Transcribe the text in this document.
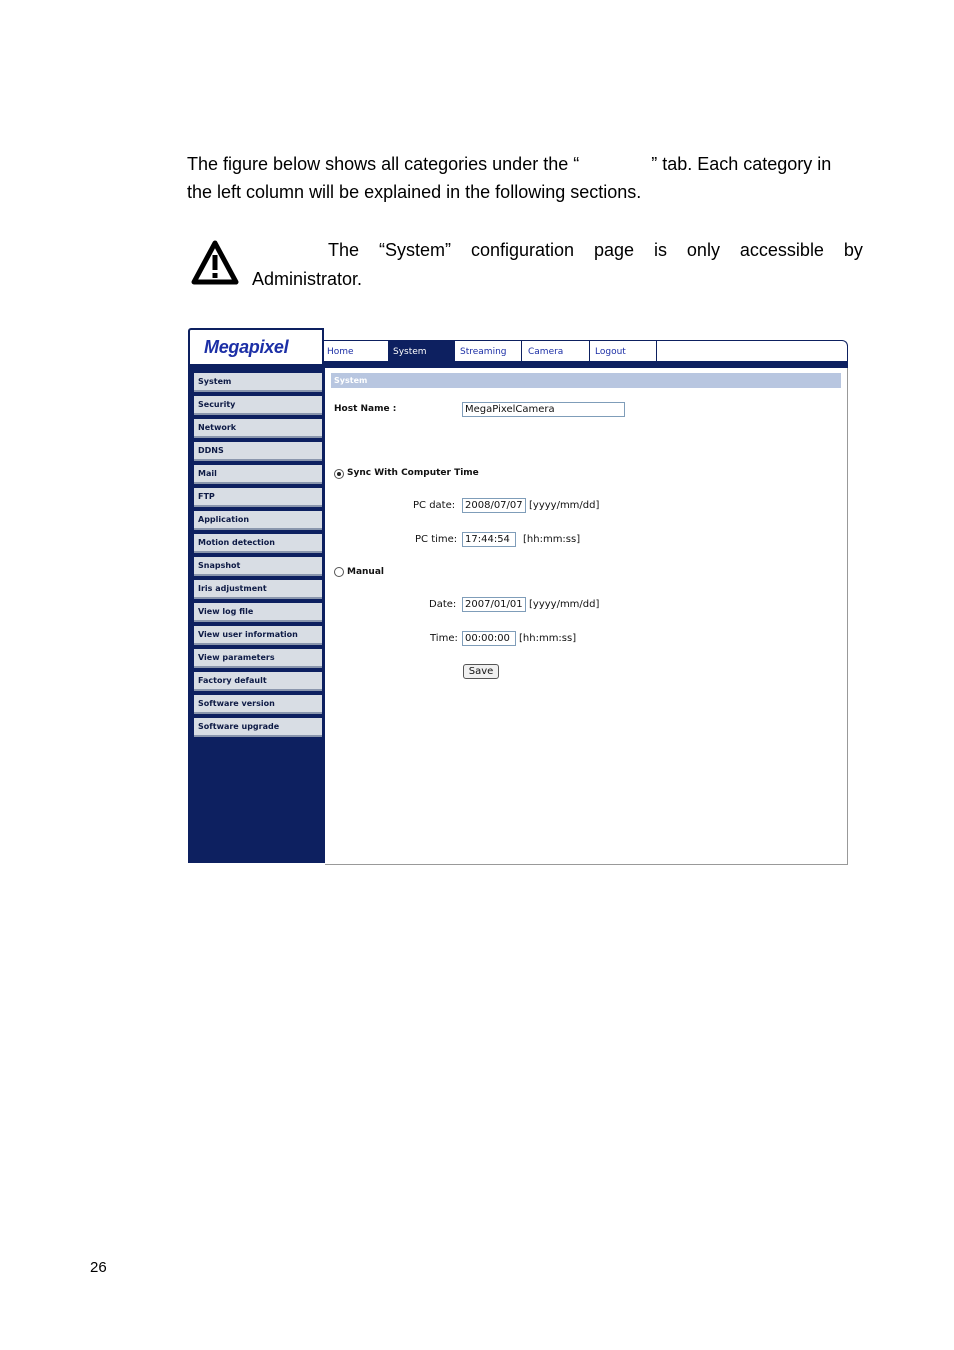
The figure below shows all categories under the “	” tab. Each category in
the left column will be explained in the following sections.
The “System” configuration page is only accessible by
Administrator.
Home	System	Streaming	Camera	Logout
Megapixel
System
Security
Network
DDNS
Mail
FTP
Application
Motion detection
Snapshot
Iris adjustment
View log file
View user information
View parameters
Factory default
Software version
Software upgrade
System
Host Name :	MegaPixelCamera
Sync With Computer Time
PC date: 2008/07/07 [yyyy/mm/dd]
PC time: 17:44:54	[hh:mm:ss]
Manual
Date: 2007/01/01 [yyyy/mm/dd]
Time: 00:00:00 [hh:mm:ss]
Save
26
